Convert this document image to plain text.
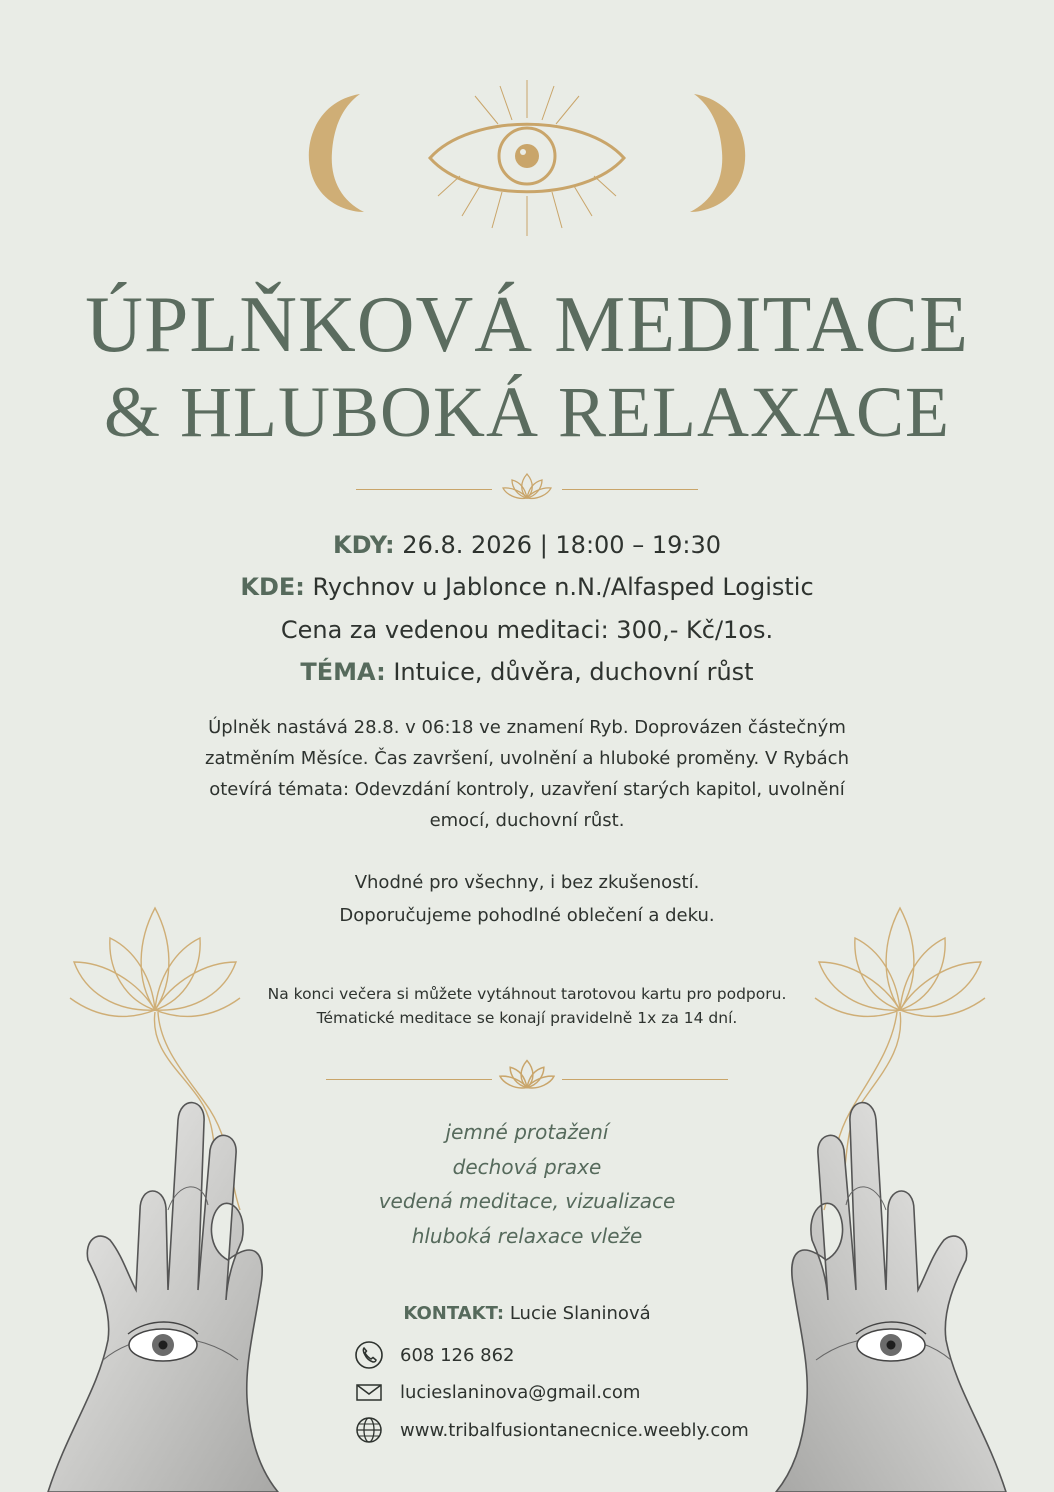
ÚPLŇKOVÁ MEDITACE
& HLUBOKÁ RELAXACE
KDY: 26.8. 2026 | 18:00 – 19:30
KDE: Rychnov u Jablonce n.N./Alfasped Logistic
Cena za vedenou meditaci: 300,- Kč/1os.
TÉMA: Intuice, důvěra, duchovní růst
Úplněk nastává 28.8. v 06:18 ve znamení Ryb. Doprovázen částečným
zatměním Měsíce. Čas završení, uvolnění a hluboké proměny. V Rybách
otevírá témata: Odevzdání kontroly, uzavření starých kapitol, uvolnění
emocí, duchovní růst.
Vhodné pro všechny, i bez zkušeností.
Doporučujeme pohodlné oblečení a deku.
Na konci večera si můžete vytáhnout tarotovou kartu pro podporu.
Tématické meditace se konají pravidelně 1x za 14 dní.
jemné protažení
dechová praxe
vedená meditace, vizualizace
hluboká relaxace vleže
KONTAKT: Lucie Slaninová
608 126 862
lucieslaninova@gmail.com
www.tribalfusiontanecnice.weebly.com
